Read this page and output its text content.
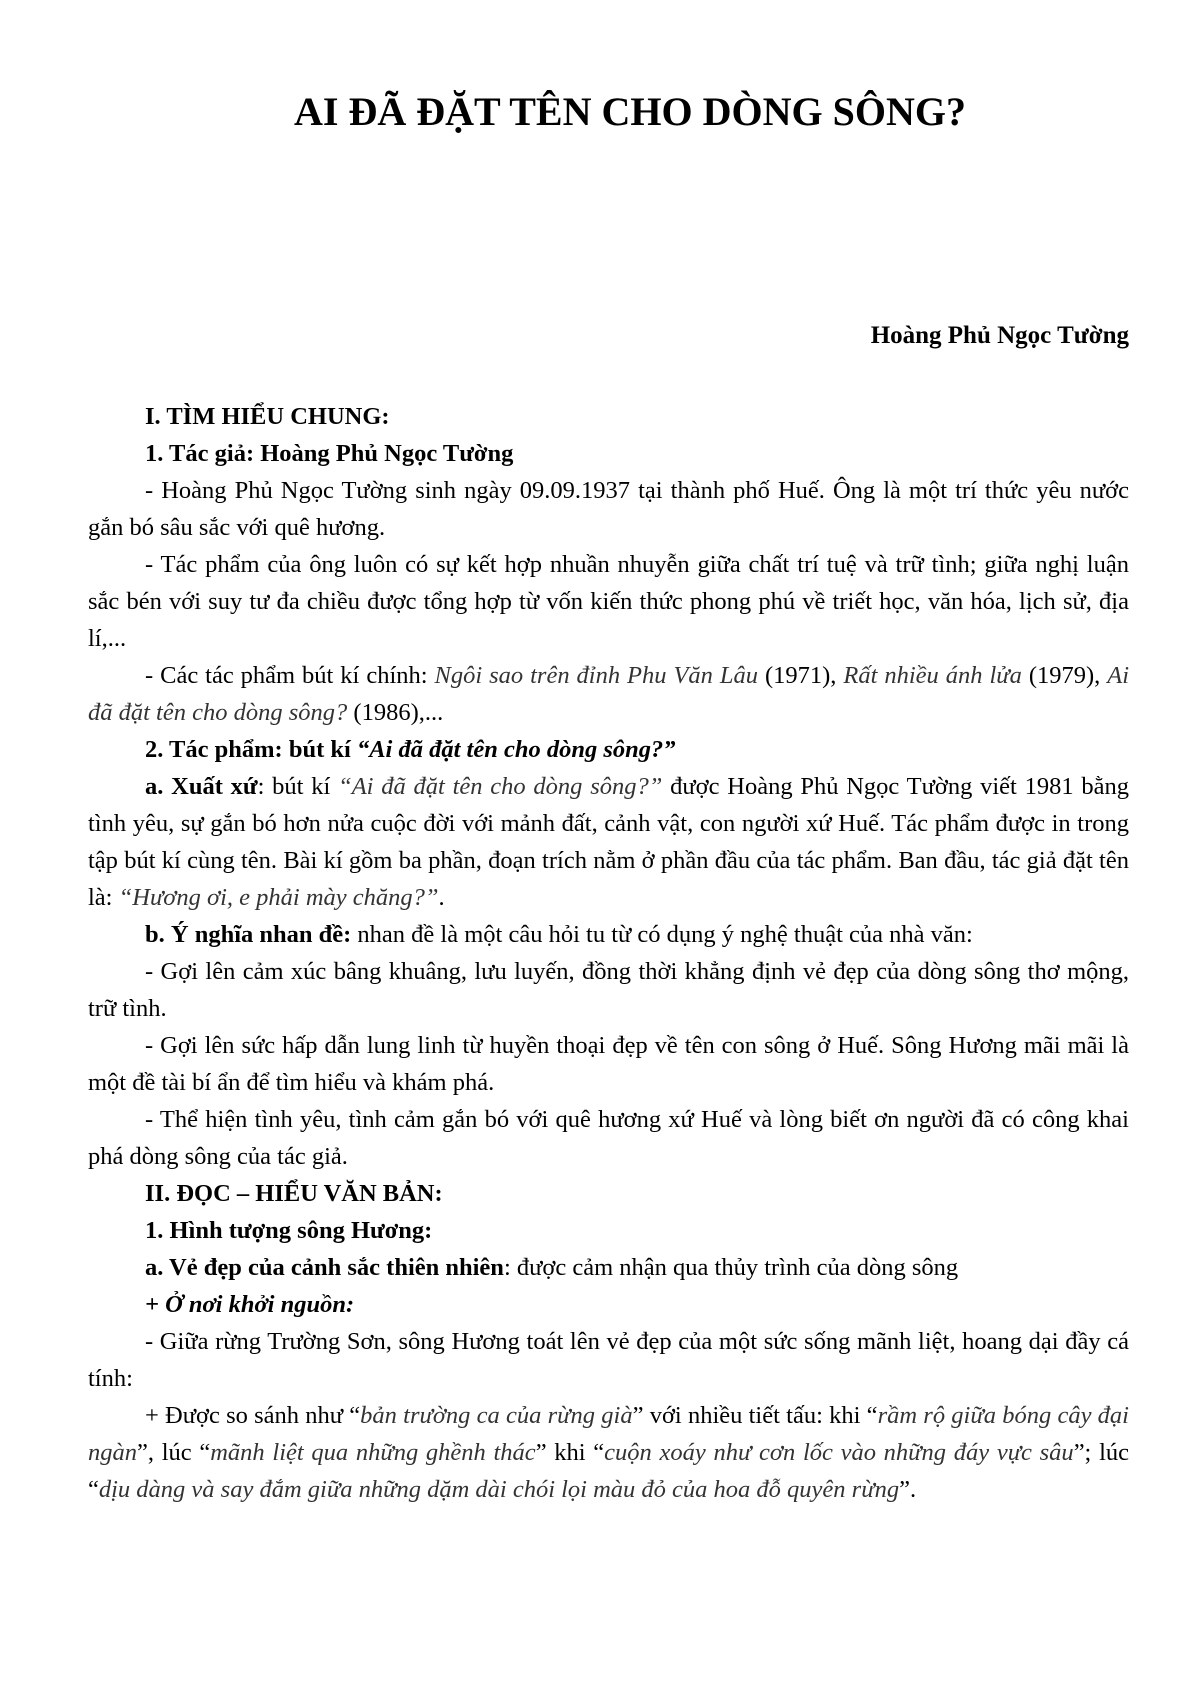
AI ĐÃ ĐẶT TÊN CHO DÒNG SÔNG?

Hoàng Phủ Ngọc Tường

I. TÌM HIỂU CHUNG:

1. Tác giả: Hoàng Phủ Ngọc Tường

- Hoàng Phủ Ngọc Tường sinh ngày 09.09.1937 tại thành phố Huế. Ông là một trí thức yêu nước gắn bó sâu sắc với quê hương.

- Tác phẩm của ông luôn có sự kết hợp nhuần nhuyễn giữa chất trí tuệ và trữ tình; giữa nghị luận sắc bén với suy tư đa chiều được tổng hợp từ vốn kiến thức phong phú về triết học, văn hóa, lịch sử, địa lí,...

- Các tác phẩm bút kí chính: Ngôi sao trên đỉnh Phu Văn Lâu (1971), Rất nhiều ánh lửa (1979), Ai đã đặt tên cho dòng sông? (1986),...

2. Tác phẩm: bút kí “Ai đã đặt tên cho dòng sông?”

a. Xuất xứ: bút kí “Ai đã đặt tên cho dòng sông?” được Hoàng Phủ Ngọc Tường viết 1981 bằng tình yêu, sự gắn bó hơn nửa cuộc đời với mảnh đất, cảnh vật, con người xứ Huế. Tác phẩm được in trong tập bút kí cùng tên. Bài kí gồm ba phần, đoạn trích nằm ở phần đầu của tác phẩm. Ban đầu, tác giả đặt tên là: “Hương ơi, e phải mày chăng?”.

b. Ý nghĩa nhan đề: nhan đề là một câu hỏi tu từ có dụng ý nghệ thuật của nhà văn:

- Gợi lên cảm xúc bâng khuâng, lưu luyến, đồng thời khẳng định vẻ đẹp của dòng sông thơ mộng, trữ tình.

- Gợi lên sức hấp dẫn lung linh từ huyền thoại đẹp về tên con sông ở Huế. Sông Hương mãi mãi là một đề tài bí ẩn để tìm hiểu và khám phá.

- Thể hiện tình yêu, tình cảm gắn bó với quê hương xứ Huế và lòng biết ơn người đã có công khai phá dòng sông của tác giả.

II. ĐỌC – HIỂU VĂN BẢN:

1. Hình tượng sông Hương:

a. Vẻ đẹp của cảnh sắc thiên nhiên: được cảm nhận qua thủy trình của dòng sông

+ Ở nơi khởi nguồn:

- Giữa rừng Trường Sơn, sông Hương toát lên vẻ đẹp của một sức sống mãnh liệt, hoang dại đầy cá tính:

+ Được so sánh như “bản trường ca của rừng già” với nhiều tiết tấu: khi “rầm rộ giữa bóng cây đại ngàn”, lúc “mãnh liệt qua những ghềnh thác” khi “cuộn xoáy như cơn lốc vào những đáy vực sâu”; lúc “dịu dàng và say đắm giữa những dặm dài chói lọi màu đỏ của hoa đỗ quyên rừng”.
